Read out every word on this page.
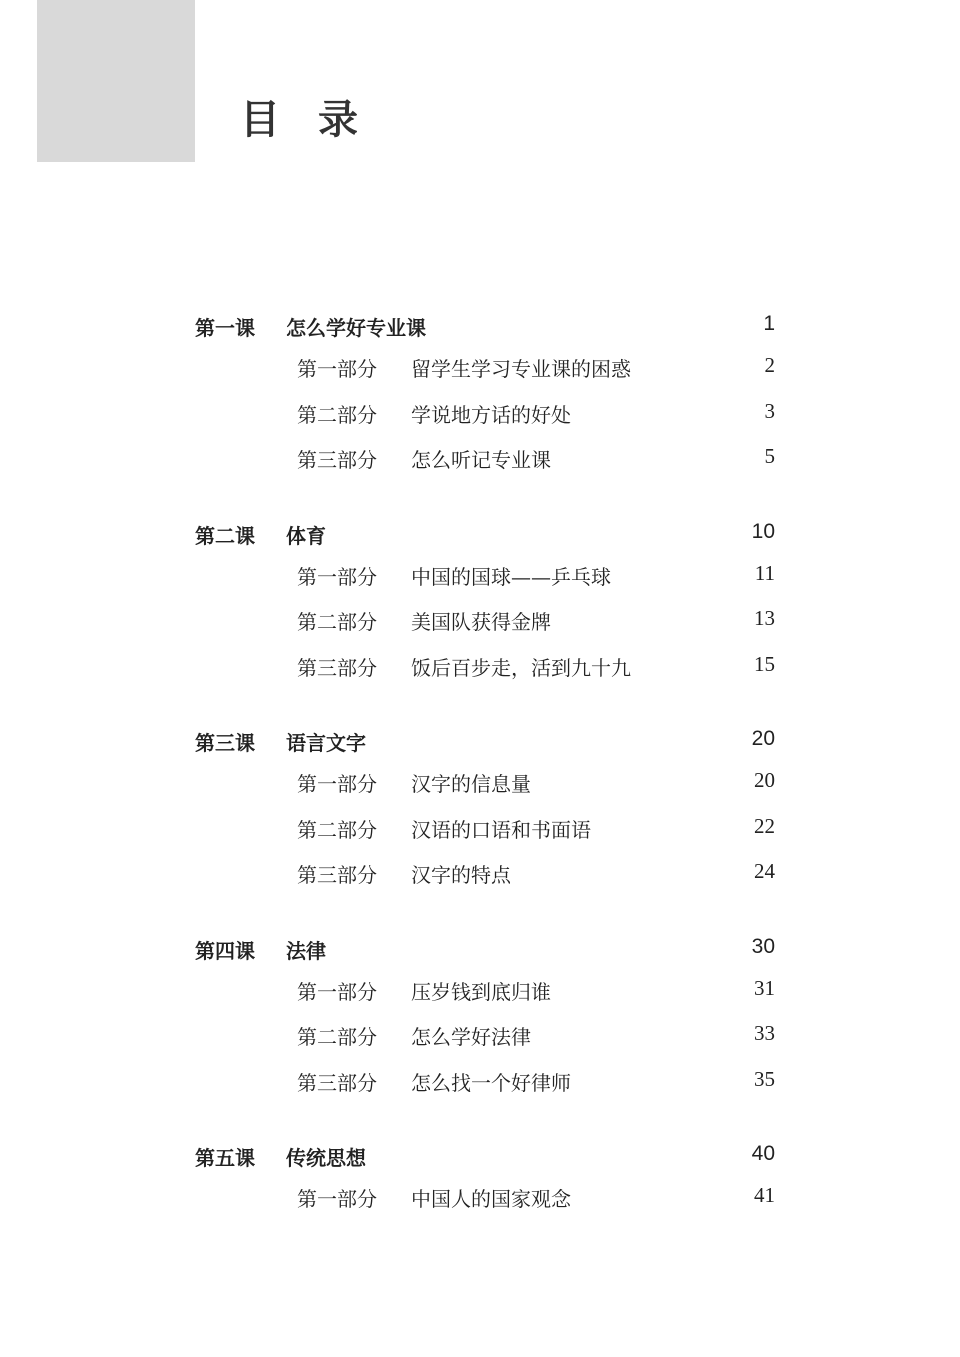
目录
第一课 怎么学好专业课	1
第一部分 留学生学习专业课的困惑	2
第二部分 学说地方话的好处	3
第三部分 怎么听记专业课	5
第二课 体育	10
第一部分 中国的国球——乒乓球	11
第二部分 美国队获得金牌	13
第三部分 饭后百步走，活到九十九	15
第三课 语言文字	20
第一部分 汉字的信息量	20
第二部分 汉语的口语和书面语	22
第三部分 汉字的特点	24
第四课 法律	30
第一部分 压岁钱到底归谁	31
第二部分 怎么学好法律	33
第三部分 怎么找一个好律师	35
第五课 传统思想	40
第一部分 中国人的国家观念	41
